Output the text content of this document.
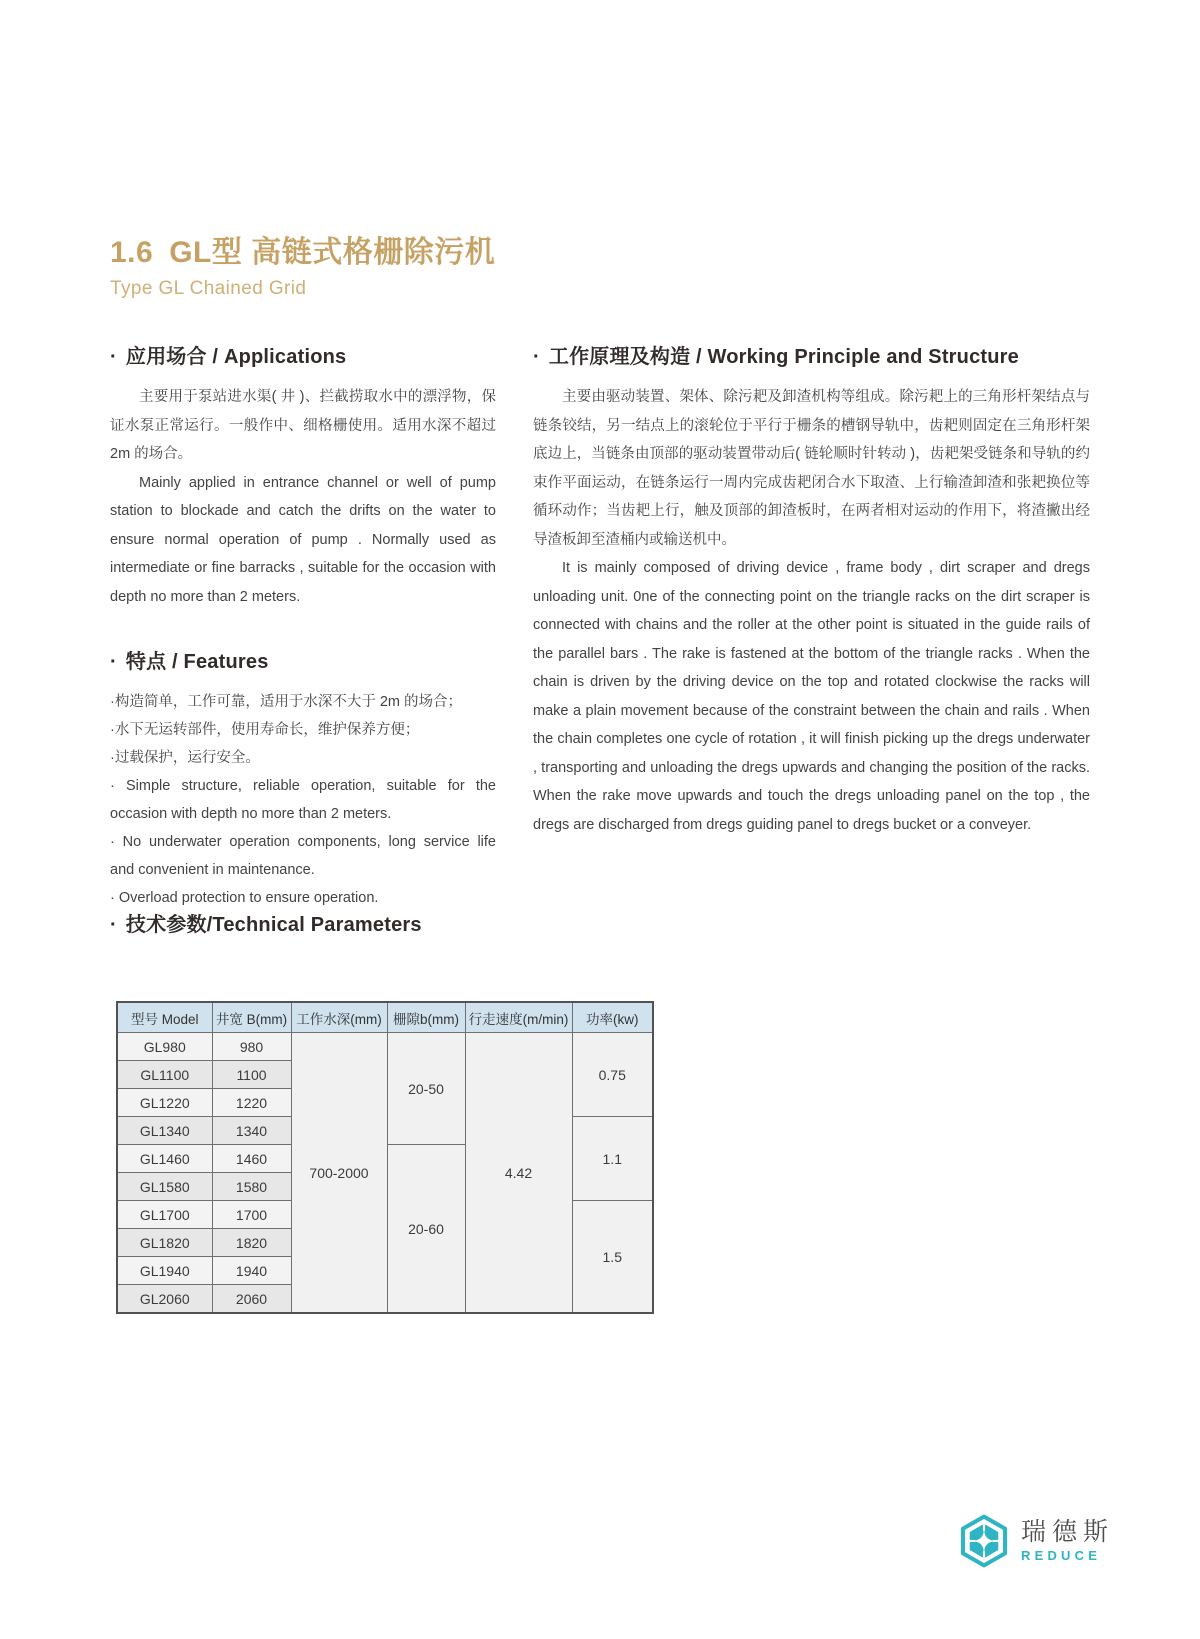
1.6 GL型 高链式格栅除污机
Type GL Chained Grid
· 应用场合 / Applications

主要用于泵站进水渠( 井 )、拦截捞取水中的漂浮物，保证水泵正常运行。一般作中、细格栅使用。适用水深不超过 2m 的场合。

Mainly applied in entrance channel or well of pump station to blockade and catch the drifts on the water to ensure normal operation of pump . Normally used as intermediate or fine barracks , suitable for the occasion with depth no more than 2 meters.

· 特点 / Features
·构造简单，工作可靠，适用于水深不大于 2m 的场合；
·水下无运转部件，使用寿命长，维护保养方便；
·过载保护，运行安全。
· Simple structure, reliable operation, suitable for the occasion with depth no more than 2 meters.
· No underwater operation components, long service life and convenient in maintenance.
· Overload protection to ensure operation.
· 工作原理及构造 / Working Principle and Structure

主要由驱动装置、架体、除污耙及卸渣机构等组成。除污耙上的三角形杆架结点与链条铰结，另一结点上的滚轮位于平行于栅条的槽钢导轨中，齿耙则固定在三角形杆架底边上，当链条由顶部的驱动装置带动后( 链轮顺时针转动 )，齿耙架受链条和导轨的约束作平面运动，在链条运行一周内完成齿耙闭合水下取渣、上行输渣卸渣和张耙换位等循环动作；当齿耙上行，触及顶部的卸渣板时，在两者相对运动的作用下，将渣撇出经导渣板卸至渣桶内或输送机中。

It is mainly composed of driving device , frame body , dirt scraper and dregs unloading unit. 0ne of the connecting point on the triangle racks on the dirt scraper is connected with chains and the roller at the other point is situated in the guide rails of the parallel bars . The rake is fastened at the bottom of the triangle racks . When the chain is driven by the driving device on the top and rotated clockwise the racks will make a plain movement because of the constraint between the chain and rails . When the chain completes one cycle of rotation , it will finish picking up the dregs underwater , transporting and unloading the dregs upwards and changing the position of the racks. When the rake move upwards and touch the dregs unloading panel on the top , the dregs are discharged from dregs guiding panel to dregs bucket or a conveyer.

· 技术参数/Technical Parameters
型号 Model	井宽 B(mm)	工作水深(mm)	栅隙b(mm)	行走速度(m/min)	功率(kw)
GL980	980	700-2000	20-50	4.42	0.75
GL1100	1100				
GL1220	1220				
GL1340	1340				1.1
GL1460	1460		20-60		
GL1580	1580				
GL1700	1700				1.5
GL1820	1820				
GL1940	1940				
GL2060	2060				
瑞德斯
REDUCE
